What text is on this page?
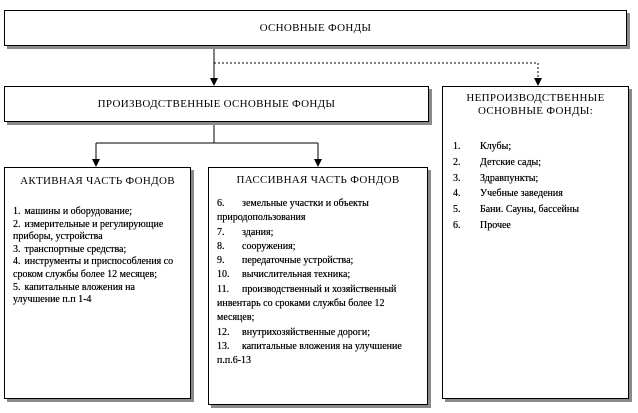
ОСНОВНЫЕ ФОНДЫ
ПРОИЗВОДСТВЕННЫЕ ОСНОВНЫЕ ФОНДЫ	НЕПРОИЗВОДСТВЕННЫЕ ОСНОВНЫЕ ФОНДЫ:
1. Клубы;
2. Детские сады;
3. Здравпункты;
4. Учебные заведения
5. Бани. Сауны, бассейны
6. Прочее
АКТИВНАЯ ЧАСТЬ ФОНДОВ
1. машины и оборудование;
2. измерительные и регулирующие приборы, устройства
3. транспортные средства;
4. инструменты и приспособления со сроком службы более 12 месяцев;
5. капитальные вложения на улучшение п.п 1-4
ПАССИВНАЯ ЧАСТЬ ФОНДОВ
6. земельные участки и объекты природопользования
7. здания;
8. сооружения;
9. передаточные устройства;
10. вычислительная техника;
11. производственный и хозяйственный инвентарь со сроками службы более 12 месяцев;
12. внутрихозяйственные дороги;
13. капитальные вложения на улучшение п.п.6-13
